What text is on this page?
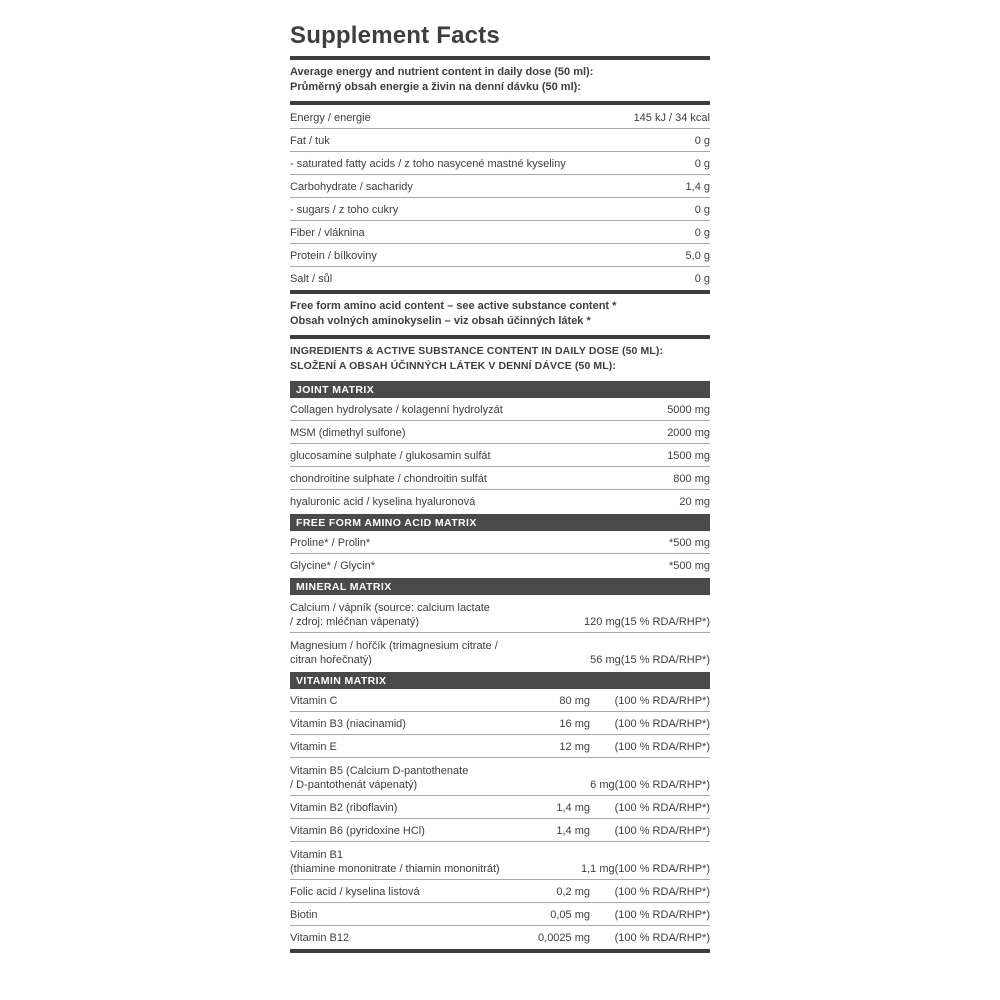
Supplement Facts
Average energy and nutrient content in daily dose (50 ml):
Průměrný obsah energie a živin na denní dávku (50 ml):
Energy / energie	145 kJ / 34 kcal
Fat / tuk	0 g
- saturated fatty acids / z toho nasycené mastné kyseliny	0 g
Carbohydrate / sacharidy	1,4 g
- sugars / z toho cukry	0 g
Fiber / vláknina	0 g
Protein / bílkoviny	5,0 g
Salt / sůl	0 g
Free form amino acid content – see active substance content *
Obsah volných aminokyselin – viz obsah účinných látek *
INGREDIENTS & ACTIVE SUBSTANCE CONTENT IN DAILY DOSE (50 ML):
SLOŽENÍ A OBSAH ÚČINNÝCH LÁTEK V DENNÍ DÁVCE (50 ML):
JOINT MATRIX
Collagen hydrolysate / kolagenní hydrolyzát	5000 mg
MSM (dimethyl sulfone)	2000 mg
glucosamine sulphate / glukosamin sulfát	1500 mg
chondroitine sulphate / chondroitin sulfát	800 mg
hyaluronic acid / kyselina hyaluronová	20 mg
FREE FORM AMINO ACID MATRIX
Proline* / Prolin*	*500 mg
Glycine* / Glycin*	*500 mg
MINERAL MATRIX
Calcium / vápník (source: calcium lactate
/ zdroj: mléčnan vápenatý)	120 mg (15 % RDA/RHP*)
Magnesium / hořčík (trimagnesium citrate /
citran hořečnatý)	56 mg (15 % RDA/RHP*)
VITAMIN MATRIX
Vitamin C	80 mg	(100 % RDA/RHP*)
Vitamin B3 (niacinamid)	16 mg	(100 % RDA/RHP*)
Vitamin E	12 mg	(100 % RDA/RHP*)
Vitamin B5 (Calcium D-pantothenate
/ D-pantothenát vápenatý)	6 mg (100 % RDA/RHP*)
Vitamin B2 (riboflavin)	1,4 mg	(100 % RDA/RHP*)
Vitamin B6 (pyridoxine HCl)	1,4 mg	(100 % RDA/RHP*)
Vitamin B1
(thiamine mononitrate / thiamin mononitrát)	1,1 mg (100 % RDA/RHP*)
Folic acid / kyselina listová	0,2 mg	(100 % RDA/RHP*)
Biotin	0,05 mg	(100 % RDA/RHP*)
Vitamin B12	0,0025 mg	(100 % RDA/RHP*)
